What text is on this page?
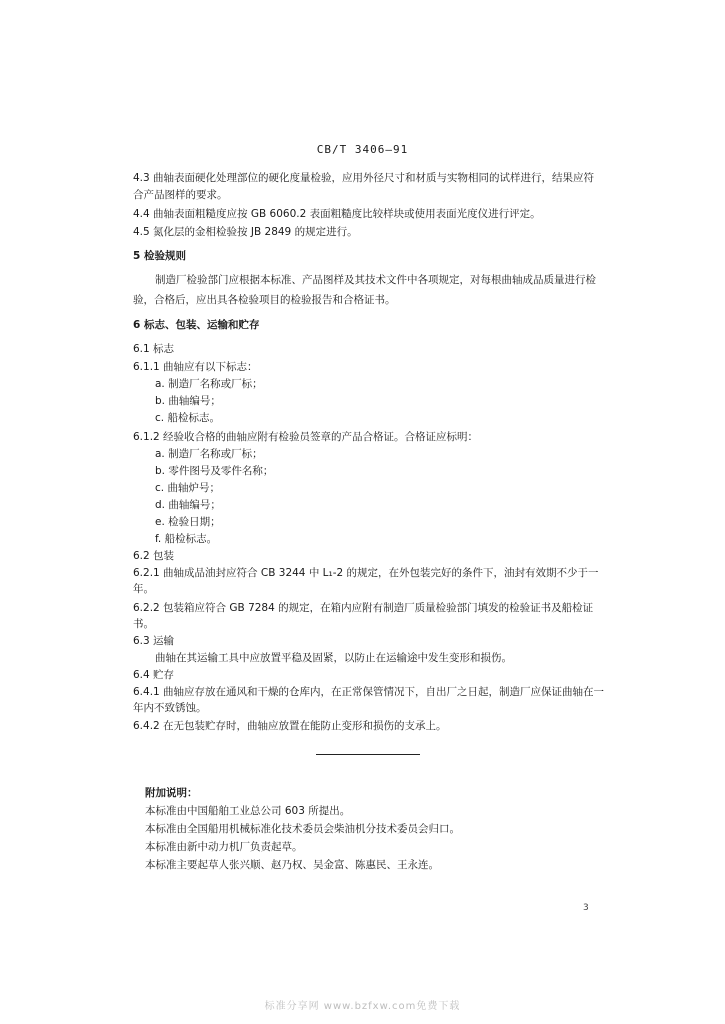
CB/T 3406—91
4.3 曲轴表面硬化处理部位的硬化度量检验，应用外径尺寸和材质与实物相同的试样进行，结果应符
合产品图样的要求。
4.4 曲轴表面粗糙度应按 GB 6060.2 表面粗糙度比较样块或使用表面光度仪进行评定。
4.5 氮化层的金相检验按 JB 2849 的规定进行。
5 检验规则
制造厂检验部门应根据本标准、产品图样及其技术文件中各项规定，对每根曲轴成品质量进行检
验，合格后，应出具各检验项目的检验报告和合格证书。
6 标志、包装、运输和贮存
6.1 标志
6.1.1 曲轴应有以下标志：
a. 制造厂名称或厂标；
b. 曲轴编号；
c. 船检标志。
6.1.2 经验收合格的曲轴应附有检验员签章的产品合格证。合格证应标明：
a. 制造厂名称或厂标；
b. 零件图号及零件名称；
c. 曲轴炉号；
d. 曲轴编号；
e. 检验日期；
f. 船检标志。
6.2 包装
6.2.1 曲轴成品油封应符合 CB 3244 中 L₁-2 的规定，在外包装完好的条件下，油封有效期不少于一
年。
6.2.2 包装箱应符合 GB 7284 的规定，在箱内应附有制造厂质量检验部门填发的检验证书及船检证
书。
6.3 运输
曲轴在其运输工具中应放置平稳及固紧，以防止在运输途中发生变形和损伤。
6.4 贮存
6.4.1 曲轴应存放在通风和干燥的仓库内，在正常保管情况下，自出厂之日起，制造厂应保证曲轴在一
年内不致锈蚀。
6.4.2 在无包装贮存时，曲轴应放置在能防止变形和损伤的支承上。
附加说明：
本标准由中国船舶工业总公司 603 所提出。
本标准由全国船用机械标准化技术委员会柴油机分技术委员会归口。
本标准由新中动力机厂负责起草。
本标准主要起草人张兴顺、赵乃权、吴金富、陈惠民、王永连。
3
标准分享网 www.bzfxw.com免费下载
